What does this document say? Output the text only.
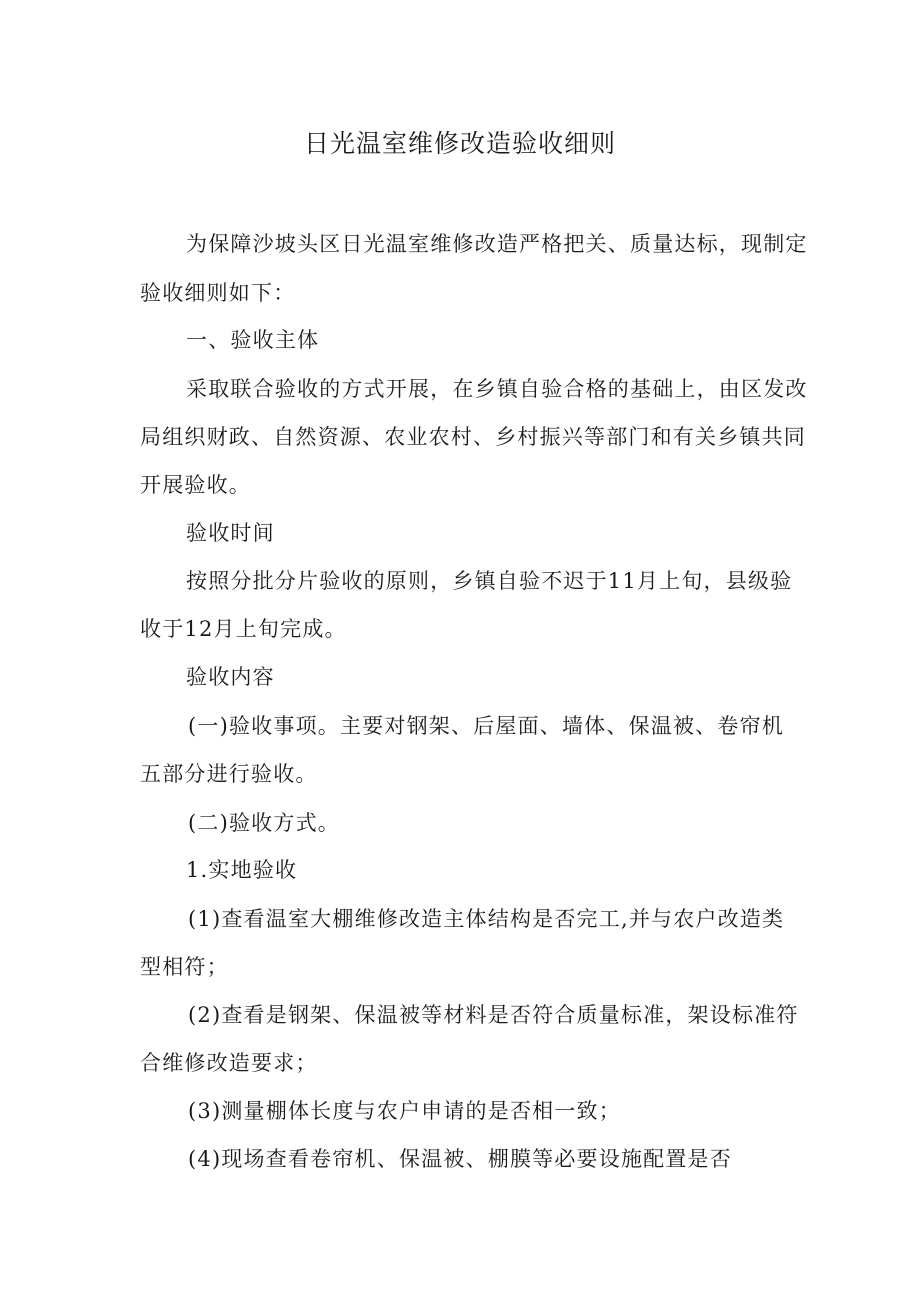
日光温室维修改造验收细则
为保障沙坡头区日光温室维修改造严格把关、质量达标，现制定
验收细则如下：
一、验收主体
采取联合验收的方式开展，在乡镇自验合格的基础上，由区发改
局组织财政、自然资源、农业农村、乡村振兴等部门和有关乡镇共同
开展验收。
验收时间
按照分批分片验收的原则，乡镇自验不迟于11月上旬，县级验
收于12月上旬完成。
验收内容
(一)验收事项。主要对钢架、后屋面、墙体、保温被、卷帘机
五部分进行验收。
(二)验收方式。
1.实地验收
(1)查看温室大棚维修改造主体结构是否完工,并与农户改造类
型相符；
(2)查看是钢架、保温被等材料是否符合质量标准，架设标准符
合维修改造要求；
(3)测量棚体长度与农户申请的是否相一致；
(4)现场查看卷帘机、保温被、棚膜等必要设施配置是否
